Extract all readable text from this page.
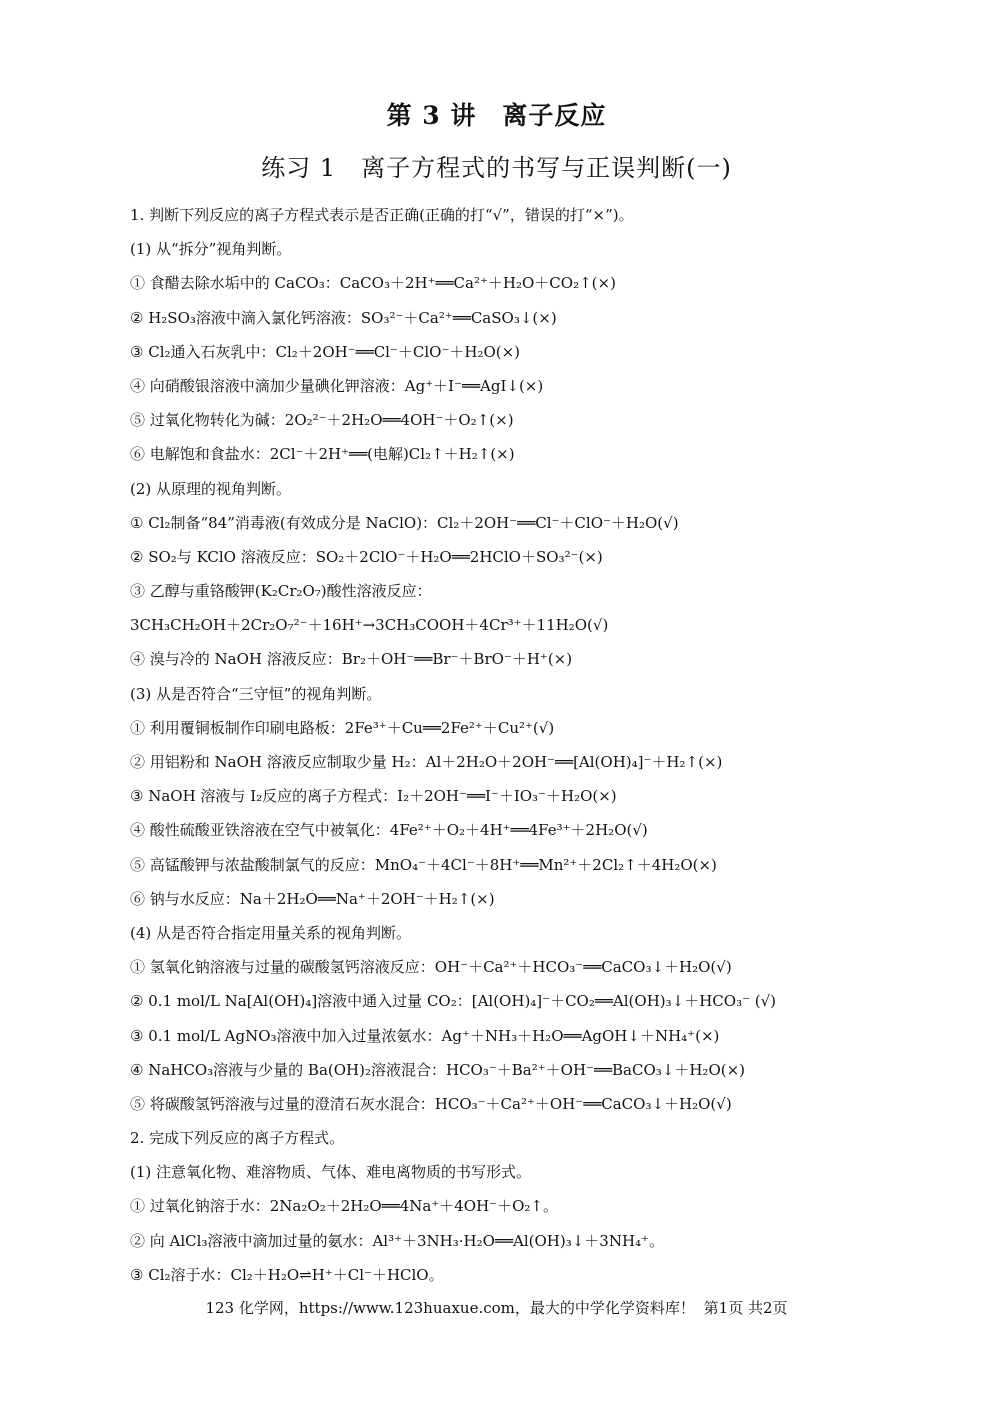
第 3 讲　离子反应
练习 1　离子方程式的书写与正误判断(一)
1. 判断下列反应的离子方程式表示是否正确(正确的打“√”，错误的打“×”)。
(1) 从“拆分”视角判断。
① 食醋去除水垢中的 CaCO₃：CaCO₃＋2H⁺══Ca²⁺＋H₂O＋CO₂↑(×)
② H₂SO₃溶液中滴入氯化钙溶液：SO₃²⁻＋Ca²⁺══CaSO₃↓(×)
③ Cl₂通入石灰乳中：Cl₂＋2OH⁻══Cl⁻＋ClO⁻＋H₂O(×)
④ 向硝酸银溶液中滴加少量碘化钾溶液：Ag⁺＋I⁻══AgI↓(×)
⑤ 过氧化物转化为碱：2O₂²⁻＋2H₂O══4OH⁻＋O₂↑(×)
⑥ 电解饱和食盐水：2Cl⁻＋2H⁺══(电解)Cl₂↑＋H₂↑(×)
(2) 从原理的视角判断。
① Cl₂制备“84”消毒液(有效成分是 NaClO)：Cl₂＋2OH⁻══Cl⁻＋ClO⁻＋H₂O(√)
② SO₂与 KClO 溶液反应：SO₂＋2ClO⁻＋H₂O══2HClO＋SO₃²⁻(×)
③ 乙醇与重铬酸钾(K₂Cr₂O₇)酸性溶液反应：
3CH₃CH₂OH＋2Cr₂O₇²⁻＋16H⁺→3CH₃COOH＋4Cr³⁺＋11H₂O(√)
④ 溴与冷的 NaOH 溶液反应：Br₂＋OH⁻══Br⁻＋BrO⁻＋H⁺(×)
(3) 从是否符合“三守恒”的视角判断。
① 利用覆铜板制作印刷电路板：2Fe³⁺＋Cu══2Fe²⁺＋Cu²⁺(√)
② 用铝粉和 NaOH 溶液反应制取少量 H₂：Al＋2H₂O＋2OH⁻══[Al(OH)₄]⁻＋H₂↑(×)
③ NaOH 溶液与 I₂反应的离子方程式：I₂＋2OH⁻══I⁻＋IO₃⁻＋H₂O(×)
④ 酸性硫酸亚铁溶液在空气中被氧化：4Fe²⁺＋O₂＋4H⁺══4Fe³⁺＋2H₂O(√)
⑤ 高锰酸钾与浓盐酸制氯气的反应：MnO₄⁻＋4Cl⁻＋8H⁺══Mn²⁺＋2Cl₂↑＋4H₂O(×)
⑥ 钠与水反应：Na＋2H₂O══Na⁺＋2OH⁻＋H₂↑(×)
(4) 从是否符合指定用量关系的视角判断。
① 氢氧化钠溶液与过量的碳酸氢钙溶液反应：OH⁻＋Ca²⁺＋HCO₃⁻══CaCO₃↓＋H₂O(√)
② 0.1 mol/L Na[Al(OH)₄]溶液中通入过量 CO₂：[Al(OH)₄]⁻＋CO₂══Al(OH)₃↓＋HCO₃⁻ (√)
③ 0.1 mol/L AgNO₃溶液中加入过量浓氨水：Ag⁺＋NH₃＋H₂O══AgOH↓＋NH₄⁺(×)
④ NaHCO₃溶液与少量的 Ba(OH)₂溶液混合：HCO₃⁻＋Ba²⁺＋OH⁻══BaCO₃↓＋H₂O(×)
⑤ 将碳酸氢钙溶液与过量的澄清石灰水混合：HCO₃⁻＋Ca²⁺＋OH⁻══CaCO₃↓＋H₂O(√)
2. 完成下列反应的离子方程式。
(1) 注意氧化物、难溶物质、气体、难电离物质的书写形式。
① 过氧化钠溶于水：2Na₂O₂＋2H₂O══4Na⁺＋4OH⁻＋O₂↑。
② 向 AlCl₃溶液中滴加过量的氨水：Al³⁺＋3NH₃·H₂O══Al(OH)₃↓＋3NH₄⁺。
③ Cl₂溶于水：Cl₂＋H₂O⇌H⁺＋Cl⁻＋HClO。
123 化学网，https://www.123huaxue.com，最大的中学化学资料库！ 第1页 共2页
